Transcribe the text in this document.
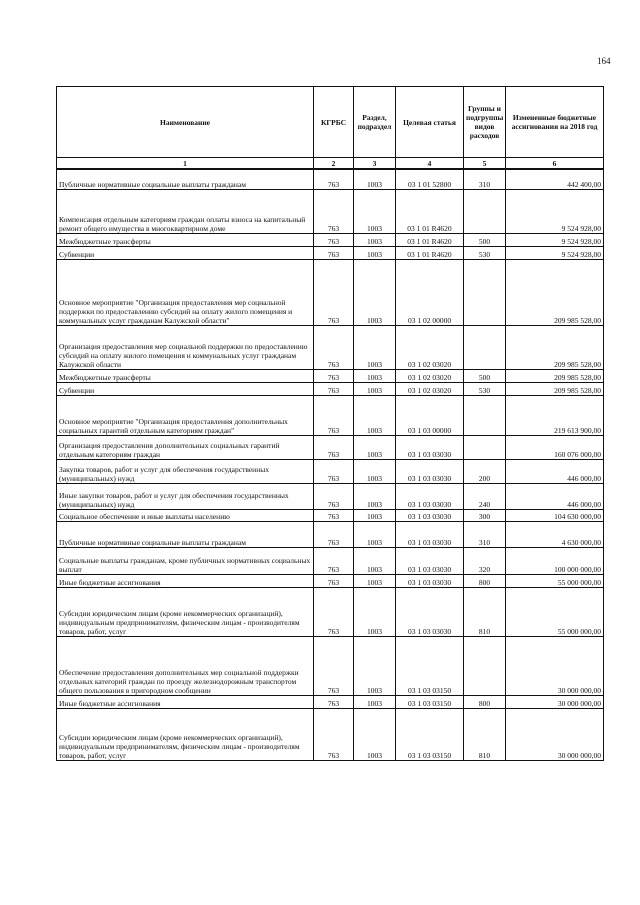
164
Наименование	КГРБС	Раздел, подраздел	Целевая статья	Группы и подгруппы видов расходов	Измененные бюджетные ассигнования на 2018 год
1	2	3	4	5	6
Публичные нормативные социальные выплаты гражданам	763	1003	03 1 01 52800	310	442 400,00
Компенсация отдельным категориям граждан оплаты взноса на капитальный ремонт общего имущества в многоквартирном доме	763	1003	03 1 01 R4620		9 524 928,00
Межбюджетные трансферты	763	1003	03 1 01 R4620	500	9 524 928,00
Субвенции	763	1003	03 1 01 R4620	530	9 524 928,00
Основное мероприятие "Организация предоставления мер социальной поддержки по предоставлению субсидий на оплату жилого помещения и коммунальных услуг гражданам Калужской области"	763	1003	03 1 02 00000		209 985 528,00
Организация предоставления мер социальной поддержки по предоставлению субсидий на оплату жилого помещения и коммунальных услуг гражданам Калужской области	763	1003	03 1 02 03020		209 985 528,00
Межбюджетные трансферты	763	1003	03 1 02 03020	500	209 985 528,00
Субвенции	763	1003	03 1 02 03020	530	209 985 528,00
Основное мероприятие "Организация предоставления дополнительных социальных гарантий отдельным категориям граждан"	763	1003	03 1 03 00000		219 613 900,00
Организация предоставления дополнительных социальных гарантий отдельным категориям граждан	763	1003	03 1 03 03030		160 076 000,00
Закупка товаров, работ и услуг для обеспечения государственных (муниципальных) нужд	763	1003	03 1 03 03030	200	446 000,00
Иные закупки товаров, работ и услуг для обеспечения государственных (муниципальных) нужд	763	1003	03 1 03 03030	240	446 000,00
Социальное обеспечение и иные выплаты населению	763	1003	03 1 03 03030	300	104 630 000,00
Публичные нормативные социальные выплаты гражданам	763	1003	03 1 03 03030	310	4 630 000,00
Социальные выплаты гражданам, кроме публичных нормативных социальных выплат	763	1003	03 1 03 03030	320	100 000 000,00
Иные бюджетные ассигнования	763	1003	03 1 03 03030	800	55 000 000,00
Субсидии юридическим лицам (кроме некоммерческих организаций), индивидуальным предпринимателям, физическим лицам - производителям товаров, работ, услуг	763	1003	03 1 03 03030	810	55 000 000,00
Обеспечение предоставления дополнительных мер социальной поддержки отдельных категорий граждан по проезду железнодорожным транспортом общего пользования в пригородном сообщении	763	1003	03 1 03 03150		30 000 000,00
Иные бюджетные ассигнования	763	1003	03 1 03 03150	800	30 000 000,00
Субсидии юридическим лицам (кроме некоммерческих организаций), индивидуальным предпринимателям, физическим лицам - производителям товаров, работ, услуг	763	1003	03 1 03 03150	810	30 000 000,00
